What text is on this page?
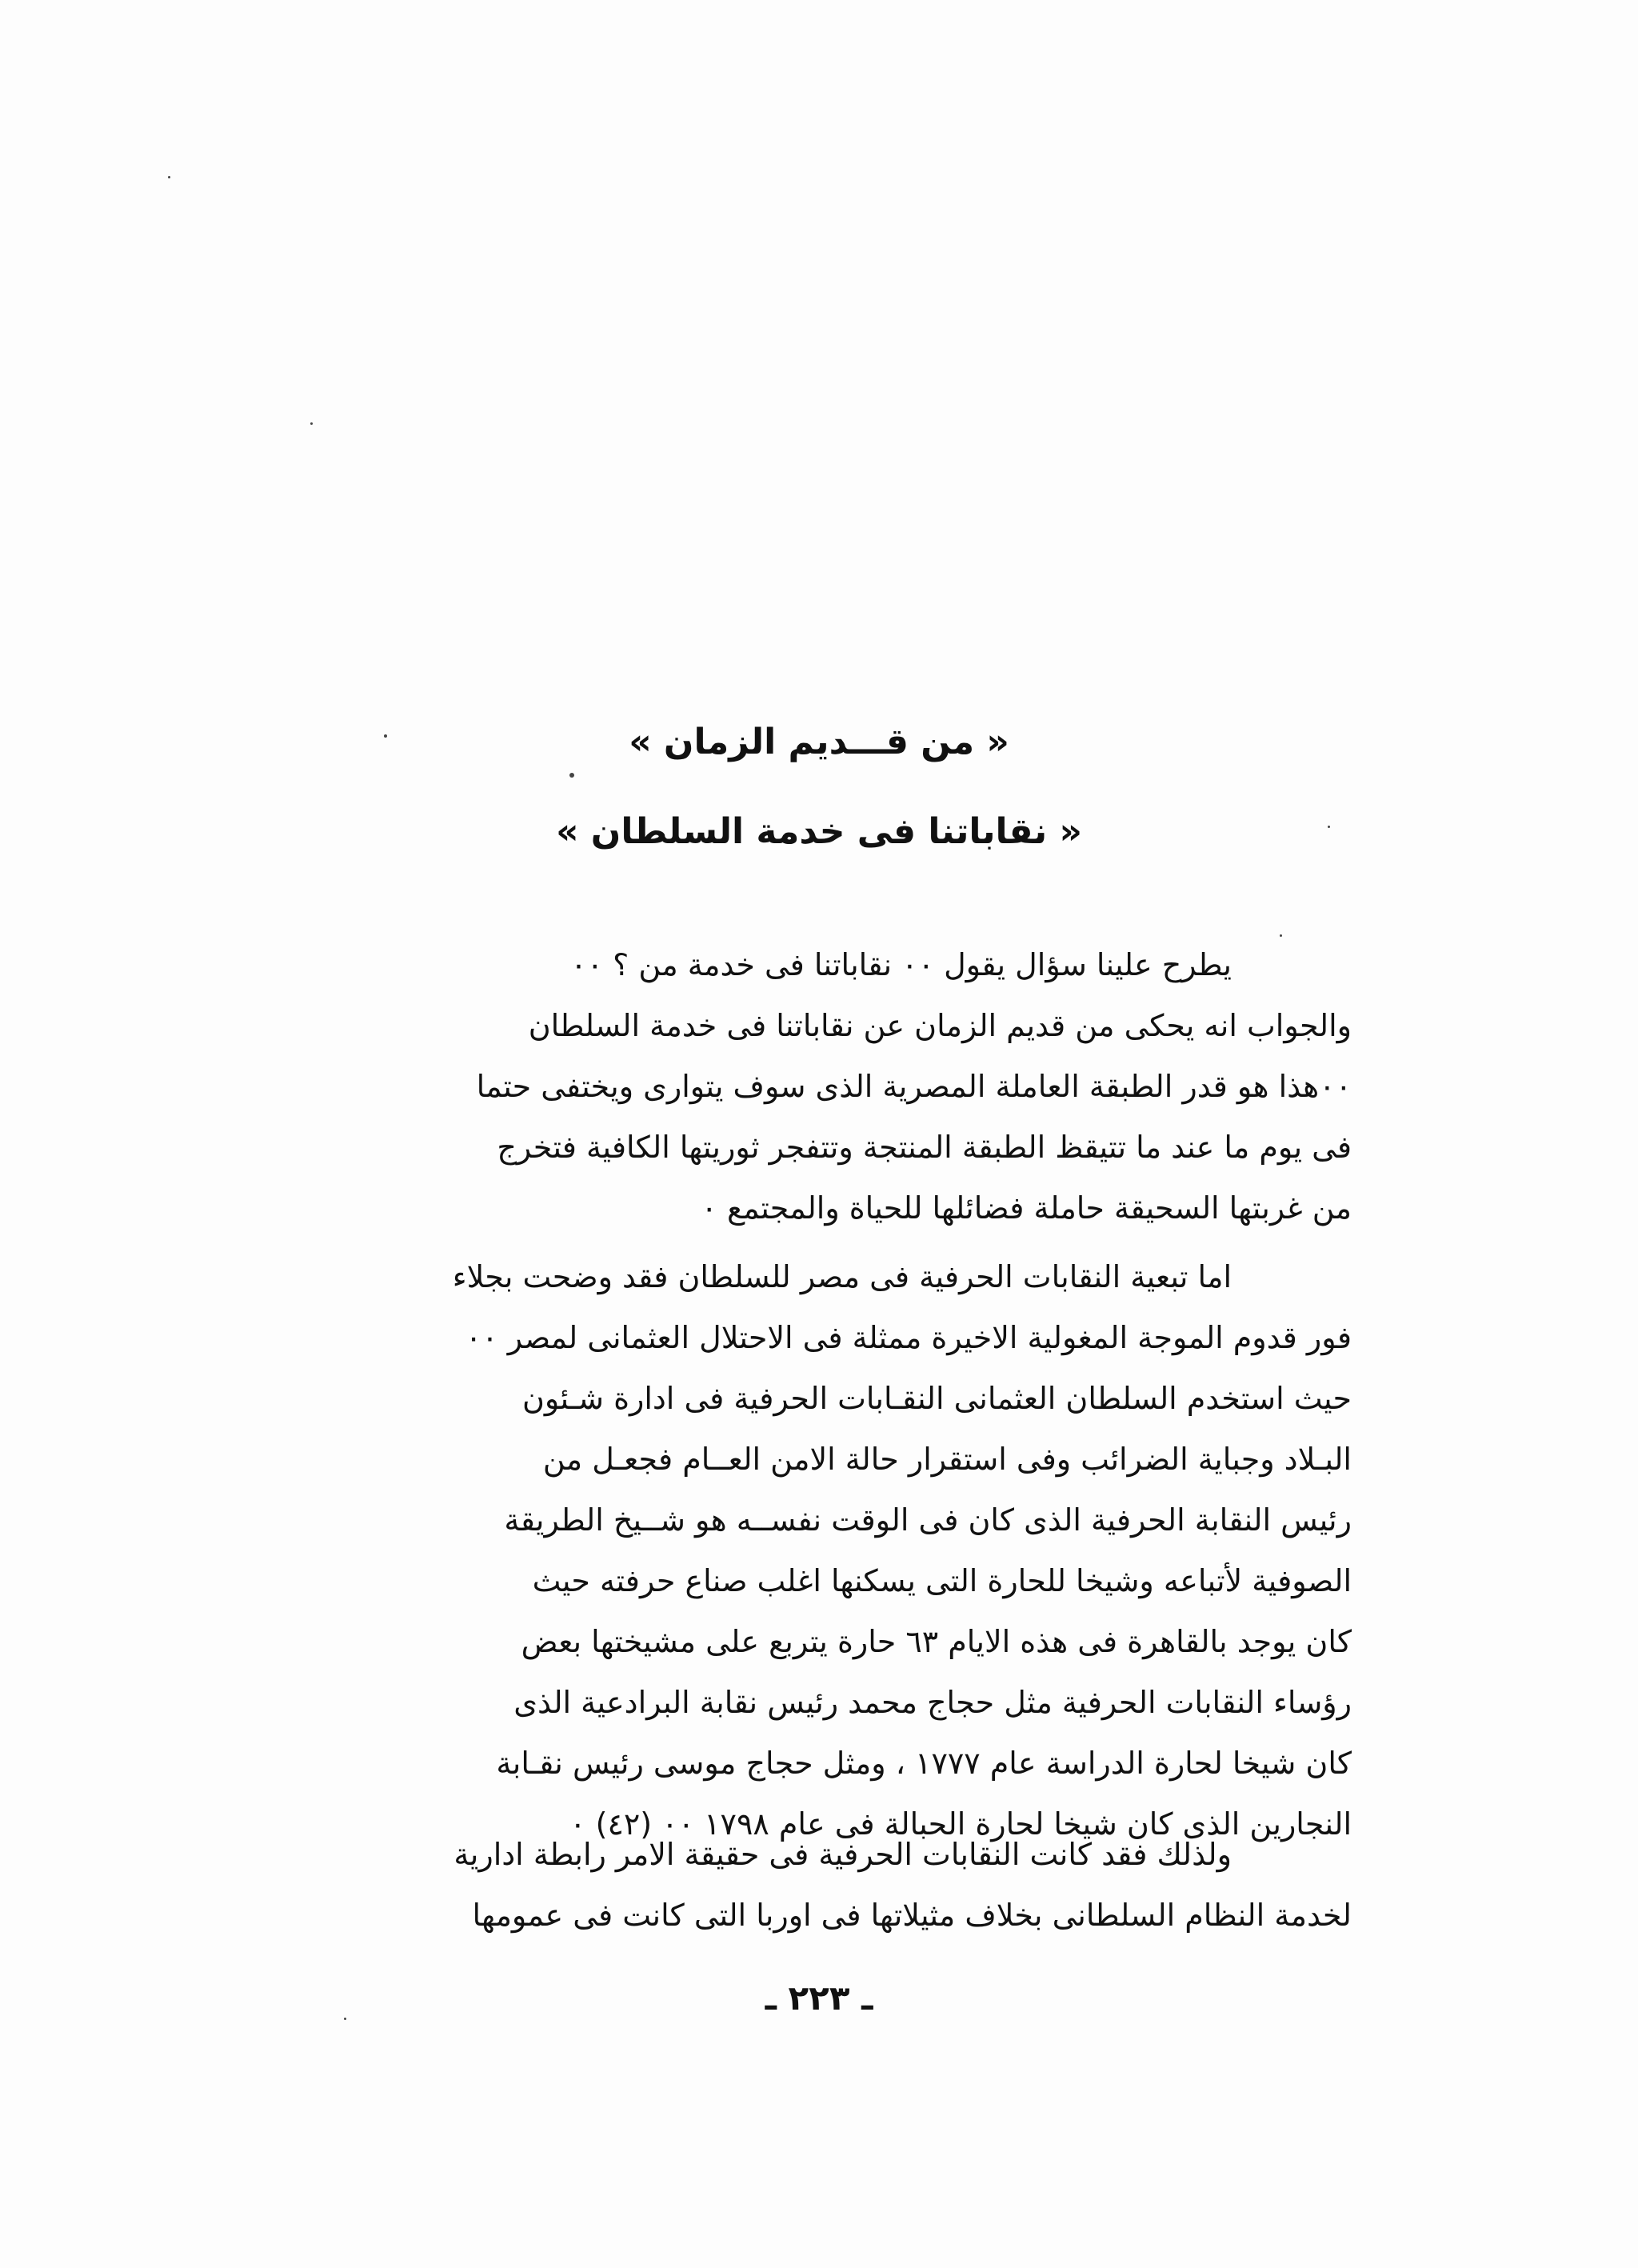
« من قـــديم الزمان »
« نقاباتنا فى خدمة السلطان »
يطرح علينا سؤال يقول ٠٠ نقاباتنا فى خدمة من ؟ ٠٠
والجواب انه يحكى من قديم الزمان عن نقاباتنا فى خدمة السلطان
٠٠هذا هو قدر الطبقة العاملة المصرية الذى سوف يتوارى ويختفى حتما
فى يوم ما عند ما تتيقظ الطبقة المنتجة وتتفجر ثوريتها الكافية فتخرج
من غربتها السحيقة حاملة فضائلها للحياة والمجتمع ٠
اما تبعية النقابات الحرفية فى مصر للسلطان فقد وضحت بجلاء
فور قدوم الموجة المغولية الاخيرة ممثلة فى الاحتلال العثمانى لمصر ٠٠
حيث استخدم السلطان العثمانى النقـابات الحرفية فى ادارة شـئون
البـلاد وجباية الضرائب وفى استقرار حالة الامن العــام فجعـل من
رئيس النقابة الحرفية الذى كان فى الوقت نفســه هو شــيخ الطريقة
الصوفية لأتباعه وشيخا للحارة التى يسكنها اغلب صناع حرفته حيث
كان يوجد بالقاهرة فى هذه الايام ٦٣ حارة يتربع على مشيختها بعض
رؤساء النقابات الحرفية مثل حجاج محمد رئيس نقابة البرادعية الذى
كان شيخا لحارة الدراسة عام ١٧٧٧ ، ومثل حجاج موسى رئيس نقـابة
النجارين الذى كان شيخا لحارة الحبالة فى عام ١٧٩٨ ٠٠ (٤٢) ٠
ولذلك فقد كانت النقابات الحرفية فى حقيقة الامر رابطة ادارية
لخدمة النظام السلطانى بخلاف مثيلاتها فى اوربا التى كانت فى عمومها
ـ ٢٢٣ ـ
